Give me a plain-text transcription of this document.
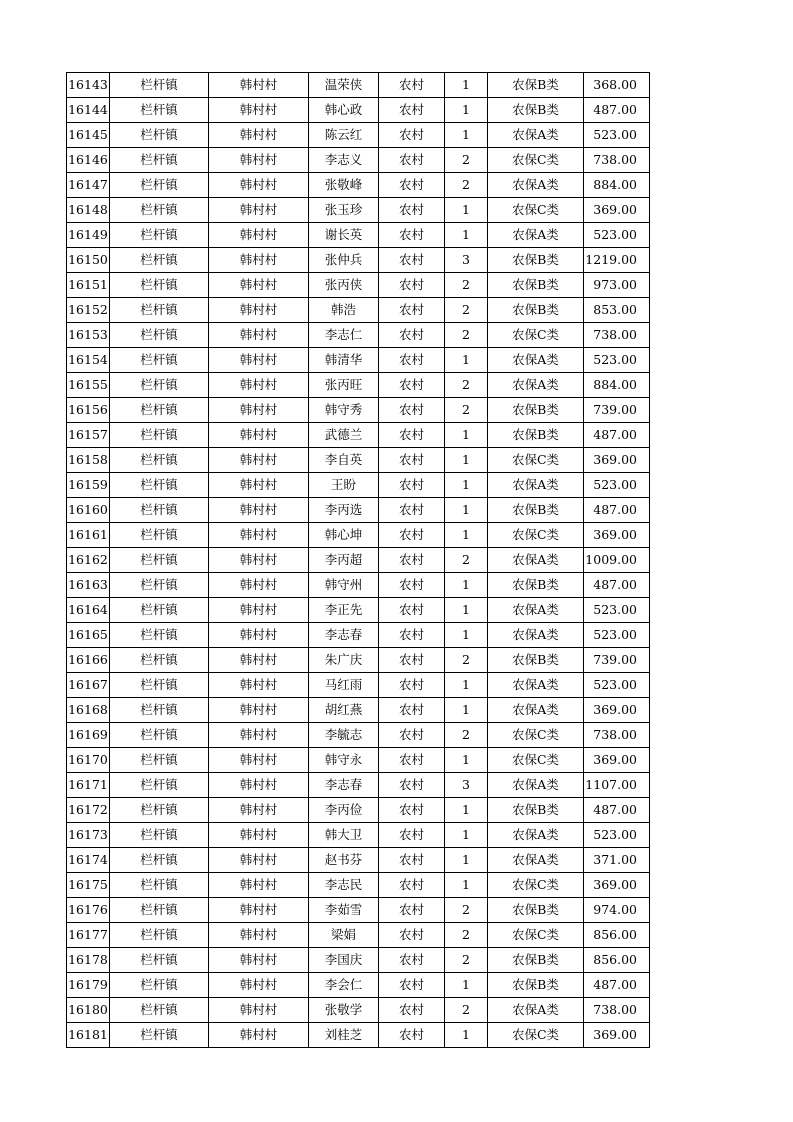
16143	栏杆镇	韩村村	温荣侠	农村	1	农保B类	368.00
16144	栏杆镇	韩村村	韩心政	农村	1	农保B类	487.00
16145	栏杆镇	韩村村	陈云红	农村	1	农保A类	523.00
16146	栏杆镇	韩村村	李志义	农村	2	农保C类	738.00
16147	栏杆镇	韩村村	张敬峰	农村	2	农保A类	884.00
16148	栏杆镇	韩村村	张玉珍	农村	1	农保C类	369.00
16149	栏杆镇	韩村村	谢长英	农村	1	农保A类	523.00
16150	栏杆镇	韩村村	张仲兵	农村	3	农保B类	1219.00
16151	栏杆镇	韩村村	张丙侠	农村	2	农保B类	973.00
16152	栏杆镇	韩村村	韩浩	农村	2	农保B类	853.00
16153	栏杆镇	韩村村	李志仁	农村	2	农保C类	738.00
16154	栏杆镇	韩村村	韩清华	农村	1	农保A类	523.00
16155	栏杆镇	韩村村	张丙旺	农村	2	农保A类	884.00
16156	栏杆镇	韩村村	韩守秀	农村	2	农保B类	739.00
16157	栏杆镇	韩村村	武德兰	农村	1	农保B类	487.00
16158	栏杆镇	韩村村	李自英	农村	1	农保C类	369.00
16159	栏杆镇	韩村村	王盼	农村	1	农保A类	523.00
16160	栏杆镇	韩村村	李丙选	农村	1	农保B类	487.00
16161	栏杆镇	韩村村	韩心坤	农村	1	农保C类	369.00
16162	栏杆镇	韩村村	李丙超	农村	2	农保A类	1009.00
16163	栏杆镇	韩村村	韩守州	农村	1	农保B类	487.00
16164	栏杆镇	韩村村	李正先	农村	1	农保A类	523.00
16165	栏杆镇	韩村村	李志春	农村	1	农保A类	523.00
16166	栏杆镇	韩村村	朱广庆	农村	2	农保B类	739.00
16167	栏杆镇	韩村村	马红雨	农村	1	农保A类	523.00
16168	栏杆镇	韩村村	胡红燕	农村	1	农保A类	369.00
16169	栏杆镇	韩村村	李毓志	农村	2	农保C类	738.00
16170	栏杆镇	韩村村	韩守永	农村	1	农保C类	369.00
16171	栏杆镇	韩村村	李志春	农村	3	农保A类	1107.00
16172	栏杆镇	韩村村	李丙俭	农村	1	农保B类	487.00
16173	栏杆镇	韩村村	韩大卫	农村	1	农保A类	523.00
16174	栏杆镇	韩村村	赵书芬	农村	1	农保A类	371.00
16175	栏杆镇	韩村村	李志民	农村	1	农保C类	369.00
16176	栏杆镇	韩村村	李茹雪	农村	2	农保B类	974.00
16177	栏杆镇	韩村村	梁娟	农村	2	农保C类	856.00
16178	栏杆镇	韩村村	李国庆	农村	2	农保B类	856.00
16179	栏杆镇	韩村村	李会仁	农村	1	农保B类	487.00
16180	栏杆镇	韩村村	张敬学	农村	2	农保A类	738.00
16181	栏杆镇	韩村村	刘桂芝	农村	1	农保C类	369.00
